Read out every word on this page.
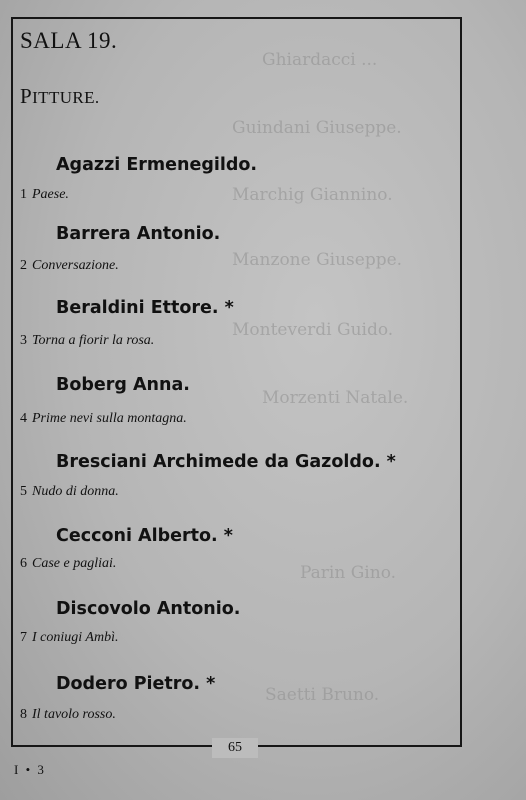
Ghiardacci ...
Guindani Giuseppe.
Marchig Giannino.
Manzone Giuseppe.
Monteverdi Guido.
Morzenti Natale.
Parin Gino.
Saetti Bruno.
SALA 19.
PITTURE.
Agazzi Ermenegildo.
1 Paese.
Barrera Antonio.
2 Conversazione.
Beraldini Ettore. *
3 Torna a fiorir la rosa.
Boberg Anna.
4 Prime nevi sulla montagna.
Bresciani Archimede da Gazoldo. *
5 Nudo di donna.
Cecconi Alberto. *
6 Case e pagliai.
Discovolo Antonio.
7 I coniugi Ambì.
Dodero Pietro. *
8 Il tavolo rosso.
65
I • 3
